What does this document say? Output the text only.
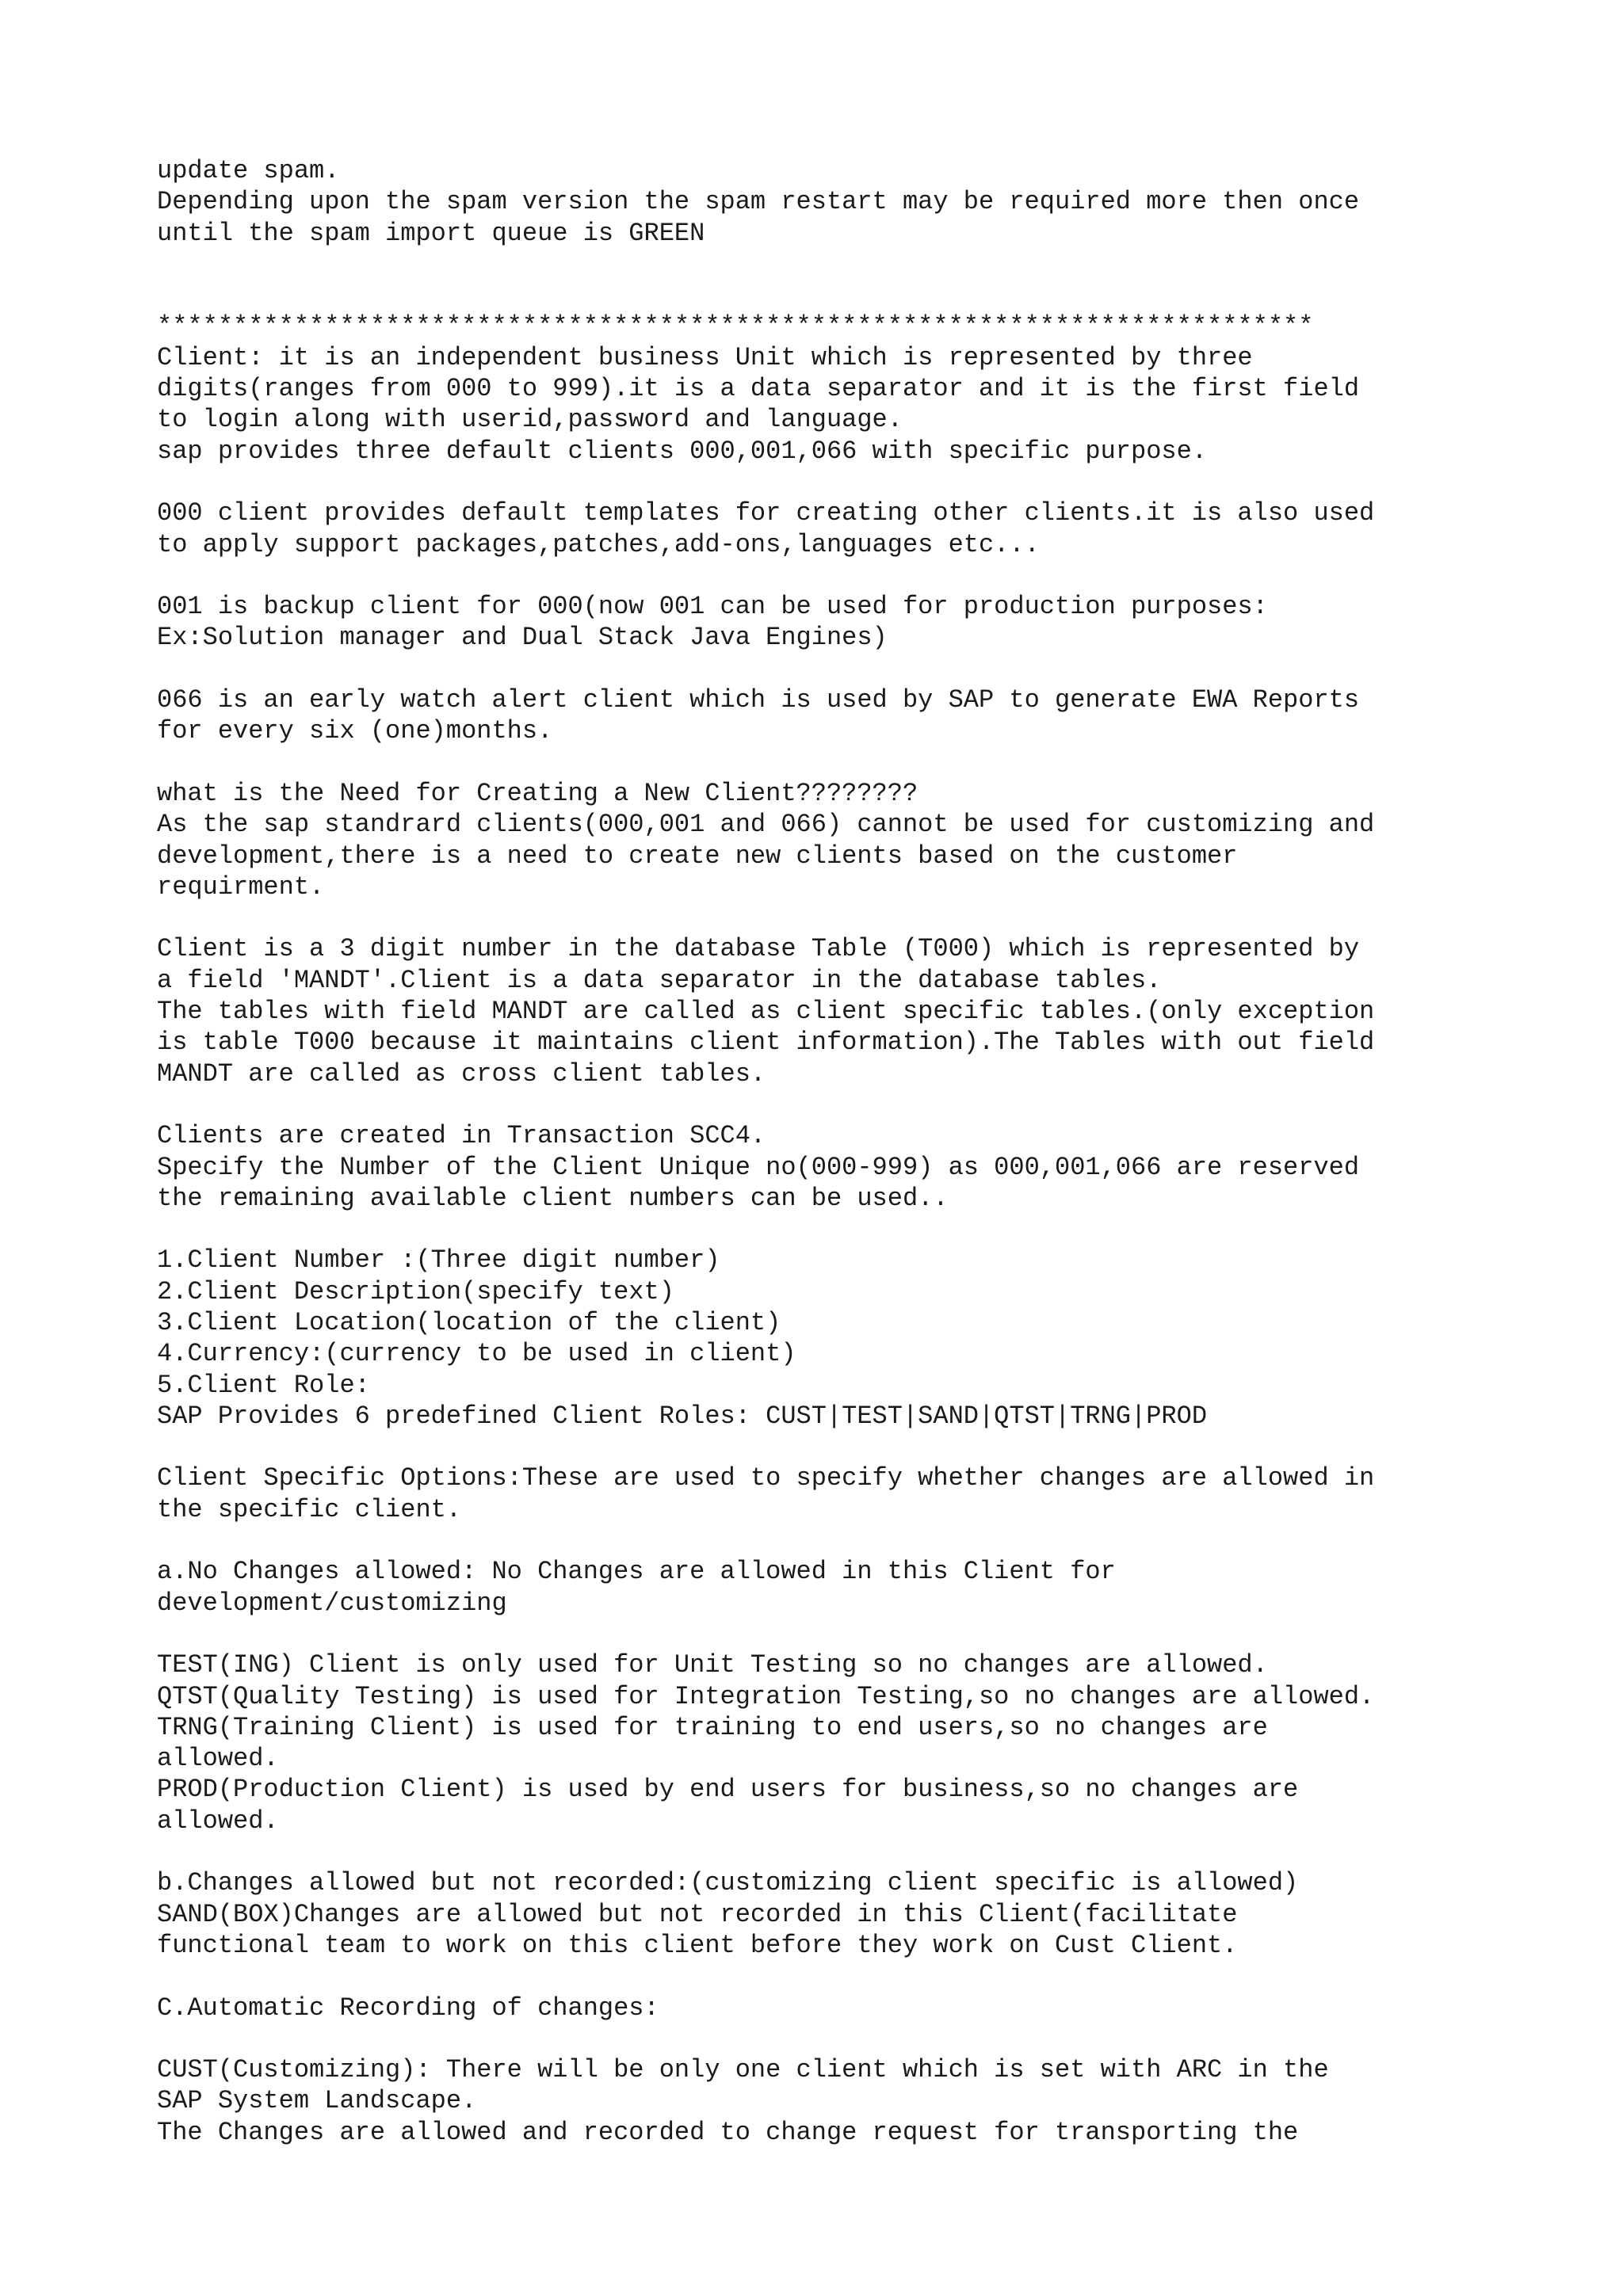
update spam.
Depending upon the spam version the spam restart may be required more then once
until the spam import queue is GREEN
****************************************************************************
Client: it is an independent business Unit which is represented by three
digits(ranges from 000 to 999).it is a data separator and it is the first field
to login along with userid,password and language.
sap provides three default clients 000,001,066 with specific purpose.
000 client provides default templates for creating other clients.it is also used
to apply support packages,patches,add-ons,languages etc...
001 is backup client for 000(now 001 can be used for production purposes:
Ex:Solution manager and Dual Stack Java Engines)
066 is an early watch alert client which is used by SAP to generate EWA Reports
for every six (one)months.
what is the Need for Creating a New Client????????
As the sap standrard clients(000,001 and 066) cannot be used for customizing and
development,there is a need to create new clients based on the customer
requirment.
Client is a 3 digit number in the database Table (T000) which is represented by
a field 'MANDT'.Client is a data separator in the database tables.
The tables with field MANDT are called as client specific tables.(only exception
is table T000 because it maintains client information).The Tables with out field
MANDT are called as cross client tables.
Clients are created in Transaction SCC4.
Specify the Number of the Client Unique no(000-999) as 000,001,066 are reserved
the remaining available client numbers can be used..
1.Client Number :(Three digit number)
2.Client Description(specify text)
3.Client Location(location of the client)
4.Currency:(currency to be used in client)
5.Client Role:
SAP Provides 6 predefined Client Roles: CUST|TEST|SAND|QTST|TRNG|PROD
Client Specific Options:These are used to specify whether changes are allowed in
the specific client.
a.No Changes allowed: No Changes are allowed in this Client for
development/customizing
TEST(ING) Client is only used for Unit Testing so no changes are allowed.
QTST(Quality Testing) is used for Integration Testing,so no changes are allowed.
TRNG(Training Client) is used for training to end users,so no changes are
allowed.
PROD(Production Client) is used by end users for business,so no changes are
allowed.
b.Changes allowed but not recorded:(customizing client specific is allowed)
SAND(BOX)Changes are allowed but not recorded in this Client(facilitate
functional team to work on this client before they work on Cust Client.
C.Automatic Recording of changes:
CUST(Customizing): There will be only one client which is set with ARC in the
SAP System Landscape.
The Changes are allowed and recorded to change request for transporting the
